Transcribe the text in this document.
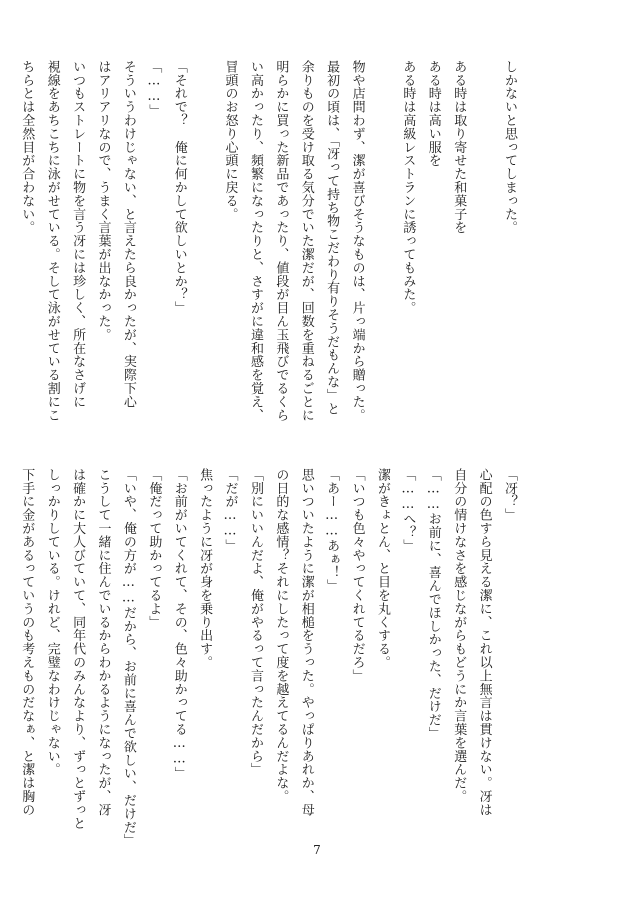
しかないと思ってしまった。

ある時は取り寄せた和菓子を
ある時は高い服を
ある時は高級レストランに誘ってもみた。

物や店問わず、潔が喜びそうなものは、片っ端から贈った。
最初の頃は、「冴って持ち物こだわり有りそうだもんな」と
余りものを受け取る気分でいた潔だが、回数を重ねるごとに
明らかに買った新品であったり、値段が目ん玉飛びでるくら
い高かったり、頻繁になったりと、さすがに違和感を覚え、
冒頭のお怒り心頭に戻る。

「それで？　俺に何かして欲しいとか？」
「……」
そういうわけじゃない、と言えたら良かったが、実際下心
はアリアリなので、うまく言葉が出なかった。
いつもストレートに物を言う冴には珍しく、所在なさげに
視線をあちこちに泳がせている。そして泳がせている割にこ
ちらとは全然目が合わない。
「冴？」
心配の色すら見える潔に、これ以上無言は貫けない。冴は
自分の情けなさを感じながらもどうにか言葉を選んだ。
「……お前に、喜んでほしかった、だけだ」
「……へ？」
潔がきょとん、と目を丸くする。
「いつも色々やってくれてるだろ」
「あー……あぁ！」
思いついたように潔が相槌をうった。やっぱりあれか、母
の日的な感情？それにしたって度を越えてるんだよな。
「別にいいんだよ、俺がやるって言ったんだから」
「だが……」
焦ったように冴が身を乗り出す。
「お前がいてくれて、その、色々助かってる……」
「俺だって助かってるよ」
「いや、俺の方が……だから、お前に喜んで欲しい、だけだ」
こうして一緒に住んでいるからわかるようになったが、冴
は確かに大人びていて、同年代のみんなより、ずっとずっと
しっかりしている。けれど、完璧なわけじゃない。
下手に金があるっていうのも考えものだなぁ、と潔は胸の
7
